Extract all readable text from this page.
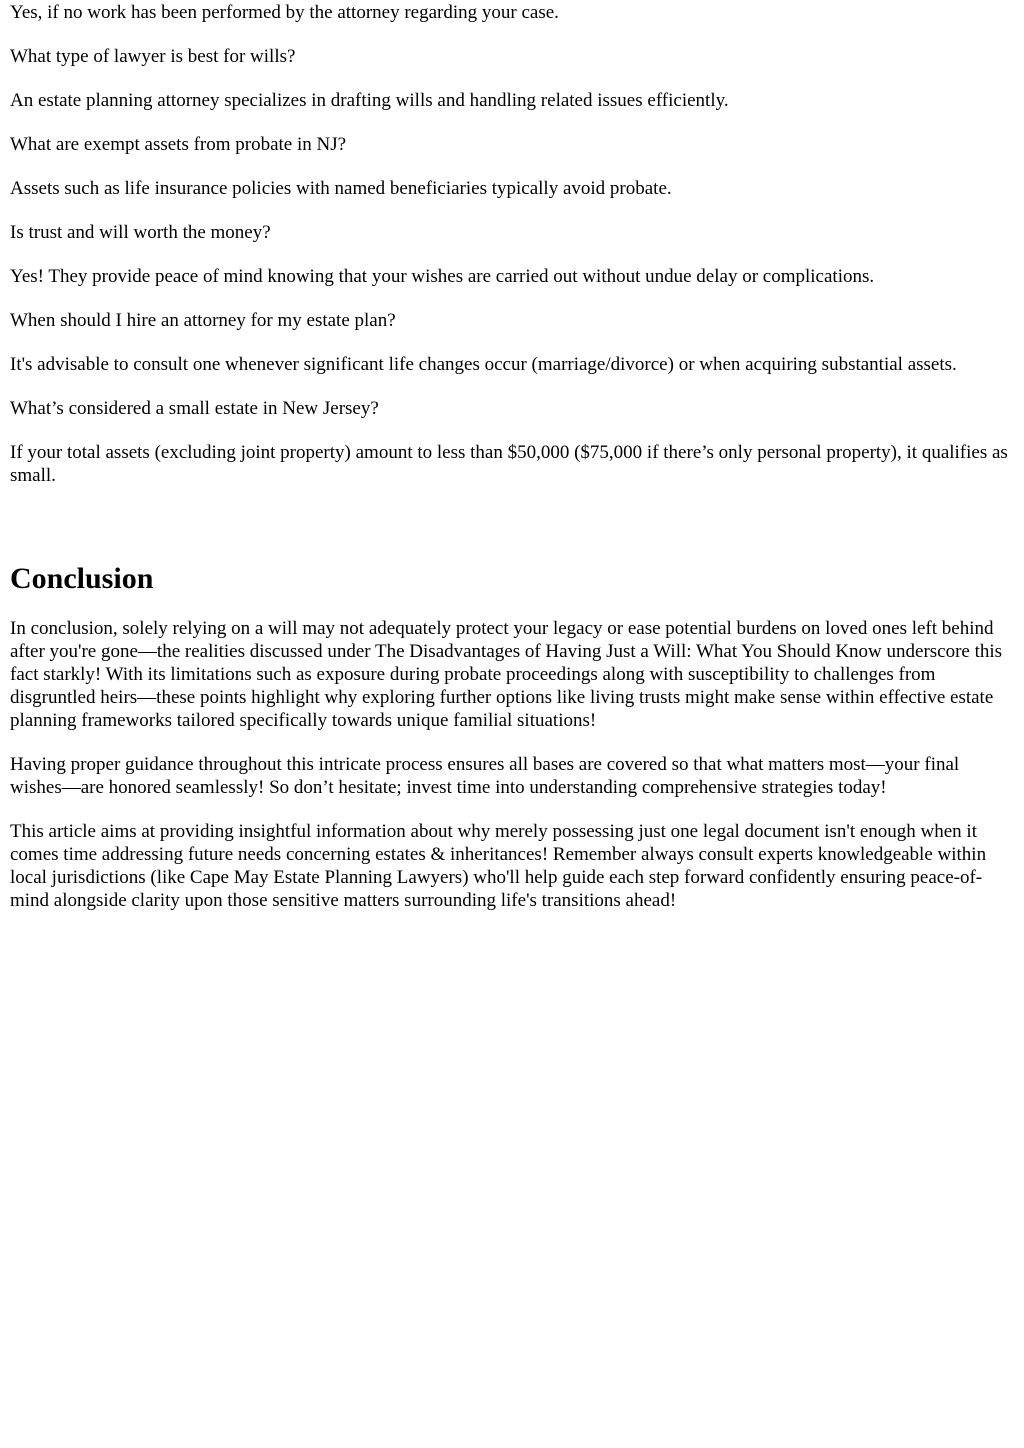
Yes, if no work has been performed by the attorney regarding your case.

What type of lawyer is best for wills?

An estate planning attorney specializes in drafting wills and handling related issues efficiently.

What are exempt assets from probate in NJ?

Assets such as life insurance policies with named beneficiaries typically avoid probate.

Is trust and will worth the money?

Yes! They provide peace of mind knowing that your wishes are carried out without undue delay or complications.

When should I hire an attorney for my estate plan?

It's advisable to consult one whenever significant life changes occur (marriage/divorce) or when acquiring substantial assets.

What’s considered a small estate in New Jersey?

If your total assets (excluding joint property) amount to less than $50,000 ($75,000 if there’s only personal property), it qualifies as small.

Conclusion

In conclusion, solely relying on a will may not adequately protect your legacy or ease potential burdens on loved ones left behind after you're gone—the realities discussed under The Disadvantages of Having Just a Will: What You Should Know underscore this fact starkly! With its limitations such as exposure during probate proceedings along with susceptibility to challenges from disgruntled heirs—these points highlight why exploring further options like living trusts might make sense within effective estate planning frameworks tailored specifically towards unique familial situations!

Having proper guidance throughout this intricate process ensures all bases are covered so that what matters most—your final wishes—are honored seamlessly! So don’t hesitate; invest time into understanding comprehensive strategies today!

This article aims at providing insightful information about why merely possessing just one legal document isn't enough when it comes time addressing future needs concerning estates & inheritances! Remember always consult experts knowledgeable within local jurisdictions (like Cape May Estate Planning Lawyers) who'll help guide each step forward confidently ensuring peace-of-mind alongside clarity upon those sensitive matters surrounding life's transitions ahead!
